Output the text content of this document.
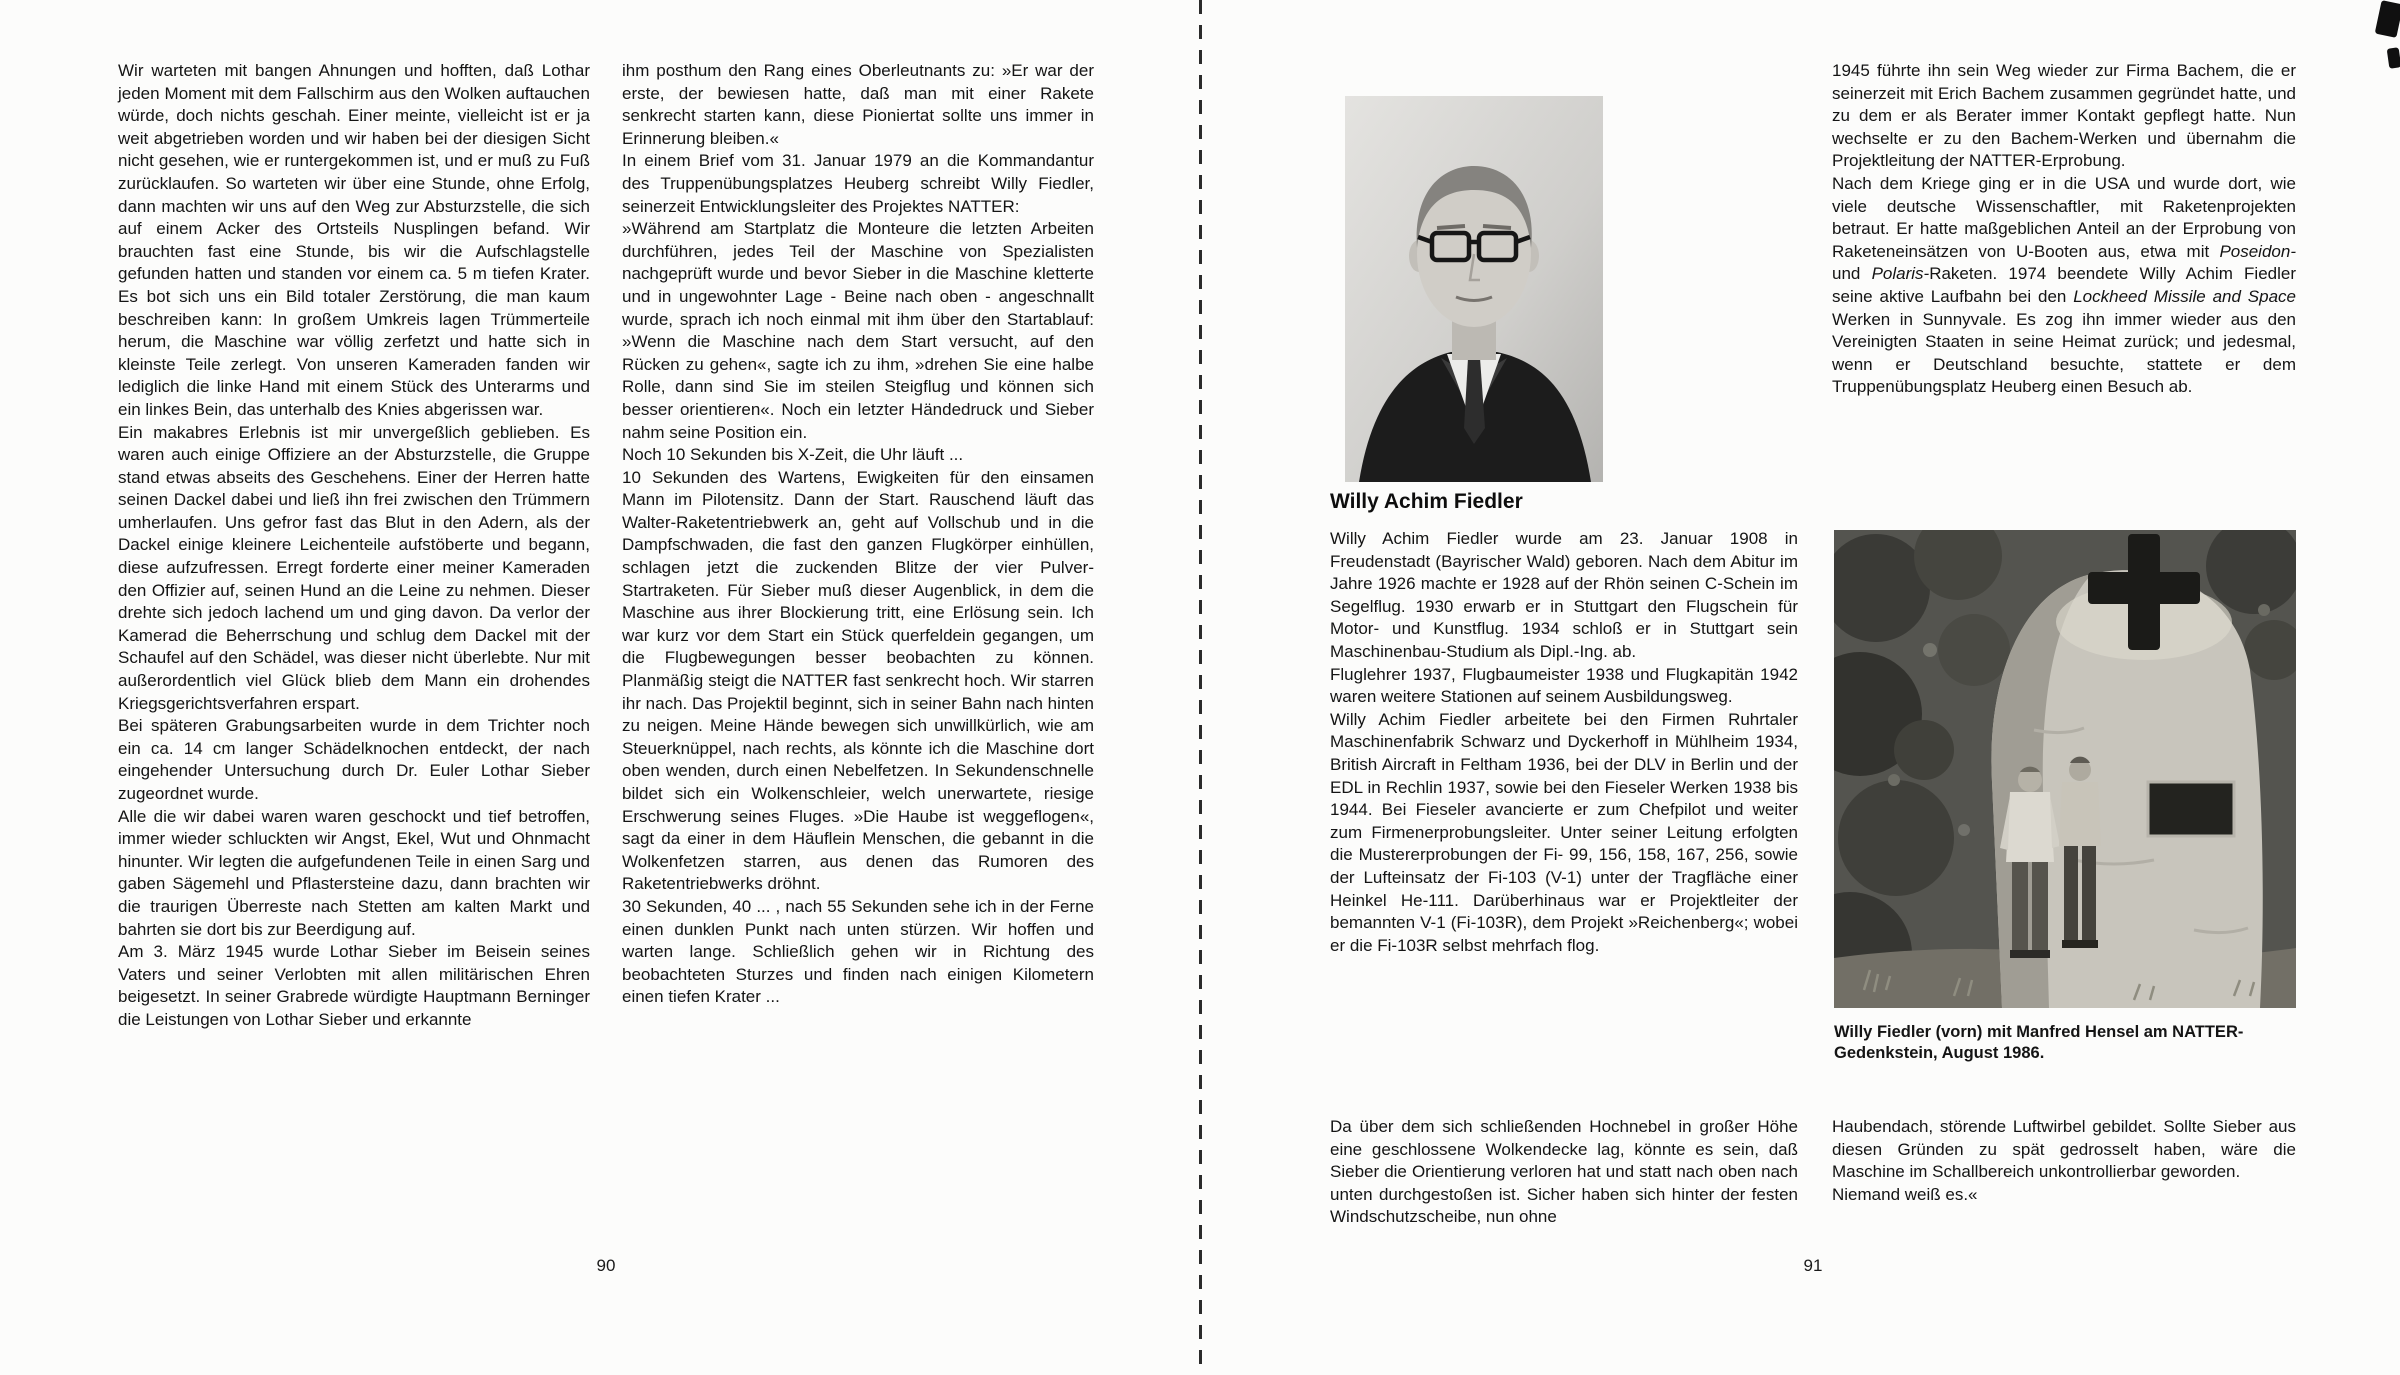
Wir warteten mit bangen Ahnungen und hofften, daß Lothar jeden Moment mit dem Fallschirm aus den Wolken auftauchen würde, doch nichts geschah. Einer meinte, vielleicht ist er ja weit abgetrieben worden und wir haben bei der diesigen Sicht nicht gesehen, wie er runtergekommen ist, und er muß zu Fuß zurücklaufen. So warteten wir über eine Stunde, ohne Erfolg, dann machten wir uns auf den Weg zur Absturzstelle, die sich auf einem Acker des Ortsteils Nusplingen befand. Wir brauchten fast eine Stunde, bis wir die Aufschlagstelle gefunden hatten und standen vor einem ca. 5 m tiefen Krater. Es bot sich uns ein Bild totaler Zerstörung, die man kaum beschreiben kann: In großem Umkreis lagen Trümmerteile herum, die Maschine war völlig zerfetzt und hatte sich in kleinste Teile zerlegt. Von unseren Kameraden fanden wir lediglich die linke Hand mit einem Stück des Unterarms und ein linkes Bein, das unterhalb des Knies abgerissen war.

Ein makabres Erlebnis ist mir unvergeßlich geblieben. Es waren auch einige Offiziere an der Absturzstelle, die Gruppe stand etwas abseits des Geschehens. Einer der Herren hatte seinen Dackel dabei und ließ ihn frei zwischen den Trümmern umherlaufen. Uns gefror fast das Blut in den Adern, als der Dackel einige kleinere Leichenteile aufstöberte und begann, diese aufzufressen. Erregt forderte einer meiner Kameraden den Offizier auf, seinen Hund an die Leine zu nehmen. Dieser drehte sich jedoch lachend um und ging davon. Da verlor der Kamerad die Beherrschung und schlug dem Dackel mit der Schaufel auf den Schädel, was dieser nicht überlebte. Nur mit außerordentlich viel Glück blieb dem Mann ein drohendes Kriegsgerichtsverfahren erspart.

Bei späteren Grabungsarbeiten wurde in dem Trichter noch ein ca. 14 cm langer Schädelknochen entdeckt, der nach eingehender Untersuchung durch Dr. Euler Lothar Sieber zugeordnet wurde.

Alle die wir dabei waren waren geschockt und tief betroffen, immer wieder schluckten wir Angst, Ekel, Wut und Ohnmacht hinunter. Wir legten die aufgefundenen Teile in einen Sarg und gaben Sägemehl und Pflastersteine dazu, dann brachten wir die traurigen Überreste nach Stetten am kalten Markt und bahrten sie dort bis zur Beerdigung auf.

Am 3. März 1945 wurde Lothar Sieber im Beisein seines Vaters und seiner Verlobten mit allen militärischen Ehren beigesetzt. In seiner Grabrede würdigte Hauptmann Berninger die Leistungen von Lothar Sieber und erkannte

ihm posthum den Rang eines Oberleutnants zu: »Er war der erste, der bewiesen hatte, daß man mit einer Rakete senkrecht starten kann, diese Pioniertat sollte uns immer in Erinnerung bleiben.«

In einem Brief vom 31. Januar 1979 an die Kommandantur des Truppenübungsplatzes Heuberg schreibt Willy Fiedler, seinerzeit Entwicklungsleiter des Projektes NATTER:

»Während am Startplatz die Monteure die letzten Arbeiten durchführen, jedes Teil der Maschine von Spezialisten nachgeprüft wurde und bevor Sieber in die Maschine kletterte und in ungewohnter Lage - Beine nach oben - angeschnallt wurde, sprach ich noch einmal mit ihm über den Startablauf: »Wenn die Maschine nach dem Start versucht, auf den Rücken zu gehen«, sagte ich zu ihm, »drehen Sie eine halbe Rolle, dann sind Sie im steilen Steigflug und können sich besser orientieren«. Noch ein letzter Händedruck und Sieber nahm seine Position ein.

Noch 10 Sekunden bis X-Zeit, die Uhr läuft ...

10 Sekunden des Wartens, Ewigkeiten für den einsamen Mann im Pilotensitz. Dann der Start. Rauschend läuft das Walter-Raketentriebwerk an, geht auf Vollschub und in die Dampfschwaden, die fast den ganzen Flugkörper einhüllen, schlagen jetzt die zuckenden Blitze der vier Pulver-Startraketen. Für Sieber muß dieser Augenblick, in dem die Maschine aus ihrer Blockierung tritt, eine Erlösung sein. Ich war kurz vor dem Start ein Stück querfeldein gegangen, um die Flugbewegungen besser beobachten zu können. Planmäßig steigt die NATTER fast senkrecht hoch. Wir starren ihr nach. Das Projektil beginnt, sich in seiner Bahn nach hinten zu neigen. Meine Hände bewegen sich unwillkürlich, wie am Steuerknüppel, nach rechts, als könnte ich die Maschine dort oben wenden, durch einen Nebelfetzen. In Sekundenschnelle bildet sich ein Wolkenschleier, welch unerwartete, riesige Erschwerung seines Fluges. »Die Haube ist weggeflogen«, sagt da einer in dem Häuflein Menschen, die gebannt in die Wolkenfetzen starren, aus denen das Rumoren des Raketentriebwerks dröhnt.

30 Sekunden, 40 ... , nach 55 Sekunden sehe ich in der Ferne einen dunklen Punkt nach unten stürzen. Wir hoffen und warten lange. Schließlich gehen wir in Richtung des beobachteten Sturzes und finden nach einigen Kilometern einen tiefen Krater ...

90
Willy Achim Fiedler

Willy Achim Fiedler wurde am 23. Januar 1908 in Freudenstadt (Bayrischer Wald) geboren. Nach dem Abitur im Jahre 1926 machte er 1928 auf der Rhön seinen C-Schein im Segelflug. 1930 erwarb er in Stuttgart den Flugschein für Motor- und Kunstflug. 1934 schloß er in Stuttgart sein Maschinenbau-Studium als Dipl.-Ing. ab.

Fluglehrer 1937, Flugbaumeister 1938 und Flugkapitän 1942 waren weitere Stationen auf seinem Ausbildungsweg.

Willy Achim Fiedler arbeitete bei den Firmen Ruhrtaler Maschinenfabrik Schwarz und Dyckerhoff in Mühlheim 1934, British Aircraft in Feltham 1936, bei der DLV in Berlin und der EDL in Rechlin 1937, sowie bei den Fieseler Werken 1938 bis 1944. Bei Fieseler avancierte er zum Chefpilot und weiter zum Firmenerprobungsleiter. Unter seiner Leitung erfolgten die Mustererprobungen der Fi- 99, 156, 158, 167, 256, sowie der Lufteinsatz der Fi-103 (V-1) unter der Tragfläche einer Heinkel He-111. Darüberhinaus war er Projektleiter der bemannten V-1 (Fi-103R), dem Projekt »Reichenberg«; wobei er die Fi-103R selbst mehrfach flog.

1945 führte ihn sein Weg wieder zur Firma Bachem, die er seinerzeit mit Erich Bachem zusammen gegründet hatte, und zu dem er als Berater immer Kontakt gepflegt hatte. Nun wechselte er zu den Bachem-Werken und übernahm die Projektleitung der NATTER-Erprobung.

Nach dem Kriege ging er in die USA und wurde dort, wie viele deutsche Wissenschaftler, mit Raketenprojekten betraut. Er hatte maßgeblichen Anteil an der Erprobung von Raketeneinsätzen von U-Booten aus, etwa mit Poseidon- und Polaris-Raketen. 1974 beendete Willy Achim Fiedler seine aktive Laufbahn bei den Lockheed Missile and Space Werken in Sunnyvale. Es zog ihn immer wieder aus den Vereinigten Staaten in seine Heimat zurück; und jedesmal, wenn er Deutschland besuchte, stattete er dem Truppenübungsplatz Heuberg einen Besuch ab.

Willy Fiedler (vorn) mit Manfred Hensel am NATTER-Gedenkstein, August 1986.

Da über dem sich schließenden Hochnebel in großer Höhe eine geschlossene Wolkendecke lag, könnte es sein, daß Sieber die Orientierung verloren hat und statt nach oben nach unten durchgestoßen ist. Sicher haben sich hinter der festen Windschutzscheibe, nun ohne

Haubendach, störende Luftwirbel gebildet. Sollte Sieber aus diesen Gründen zu spät gedrosselt haben, wäre die Maschine im Schallbereich unkontrollierbar geworden.

Niemand weiß es.«

91
